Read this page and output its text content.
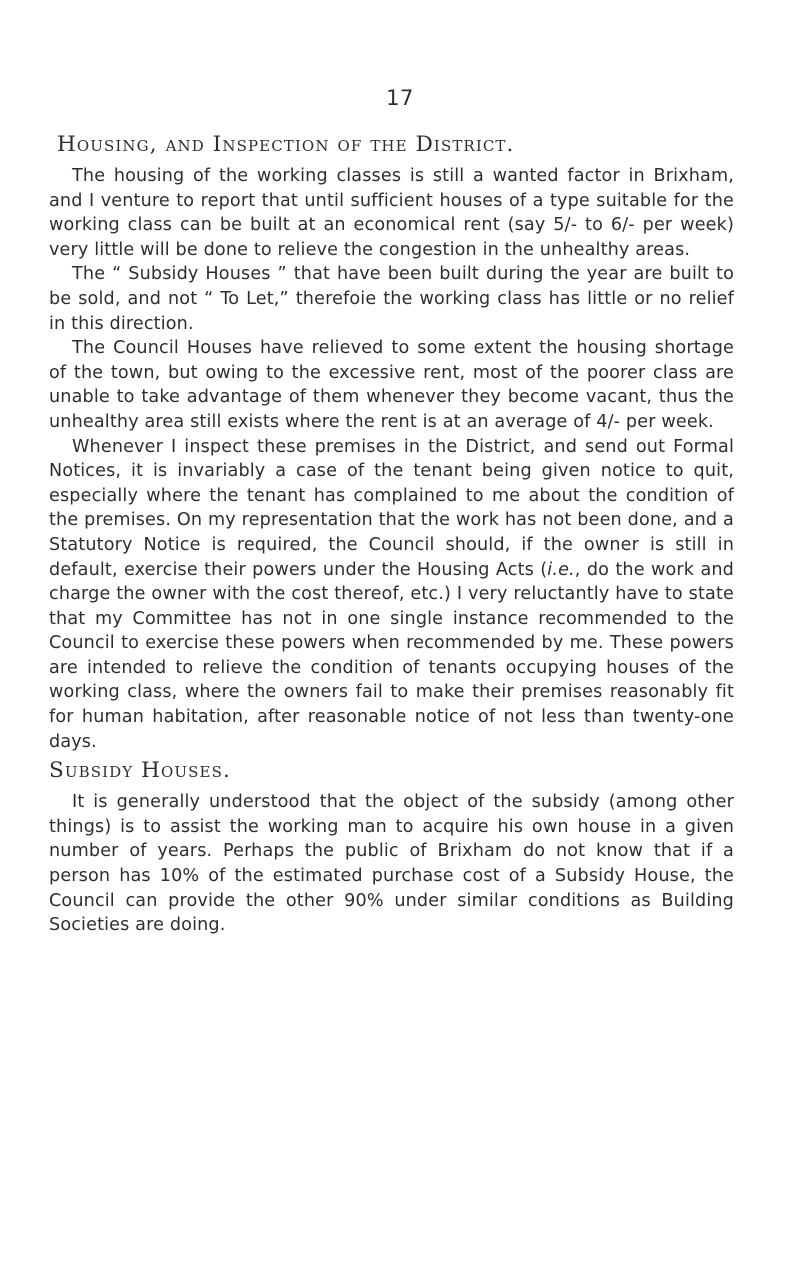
17
Housing, and Inspection of the District.

The housing of the working classes is still a wanted factor in Brixham, and I venture to report that until sufficient houses of a type suitable for the working class can be built at an economical rent (say 5/- to 6/- per week) very little will be done to relieve the congestion in the unhealthy areas.

The “ Subsidy Houses ” that have been built during the year are built to be sold, and not “ To Let,” therefoie the working class has little or no relief in this direction.

The Council Houses have relieved to some extent the housing shortage of the town, but owing to the excessive rent, most of the poorer class are unable to take advantage of them whenever they become vacant, thus the unhealthy area still exists where the rent is at an average of 4/- per week.

Whenever I inspect these premises in the District, and send out Formal Notices, it is invariably a case of the tenant being given notice to quit, especially where the tenant has complained to me about the condition of the premises. On my representation that the work has not been done, and a Statutory Notice is required, the Council should, if the owner is still in default, exercise their powers under the Housing Acts (i.e., do the work and charge the owner with the cost thereof, etc.) I very reluctantly have to state that my Committee has not in one single instance recommended to the Council to exercise these powers when recommended by me. These powers are intended to relieve the condition of tenants occupying houses of the working class, where the owners fail to make their premises reasonably fit for human habitation, after reasonable notice of not less than twenty-one days.

Subsidy Houses.

It is generally understood that the object of the subsidy (among other things) is to assist the working man to acquire his own house in a given number of years. Perhaps the public of Brixham do not know that if a person has 10% of the estimated purchase cost of a Subsidy House, the Council can provide the other 90% under similar conditions as Building Societies are doing.
